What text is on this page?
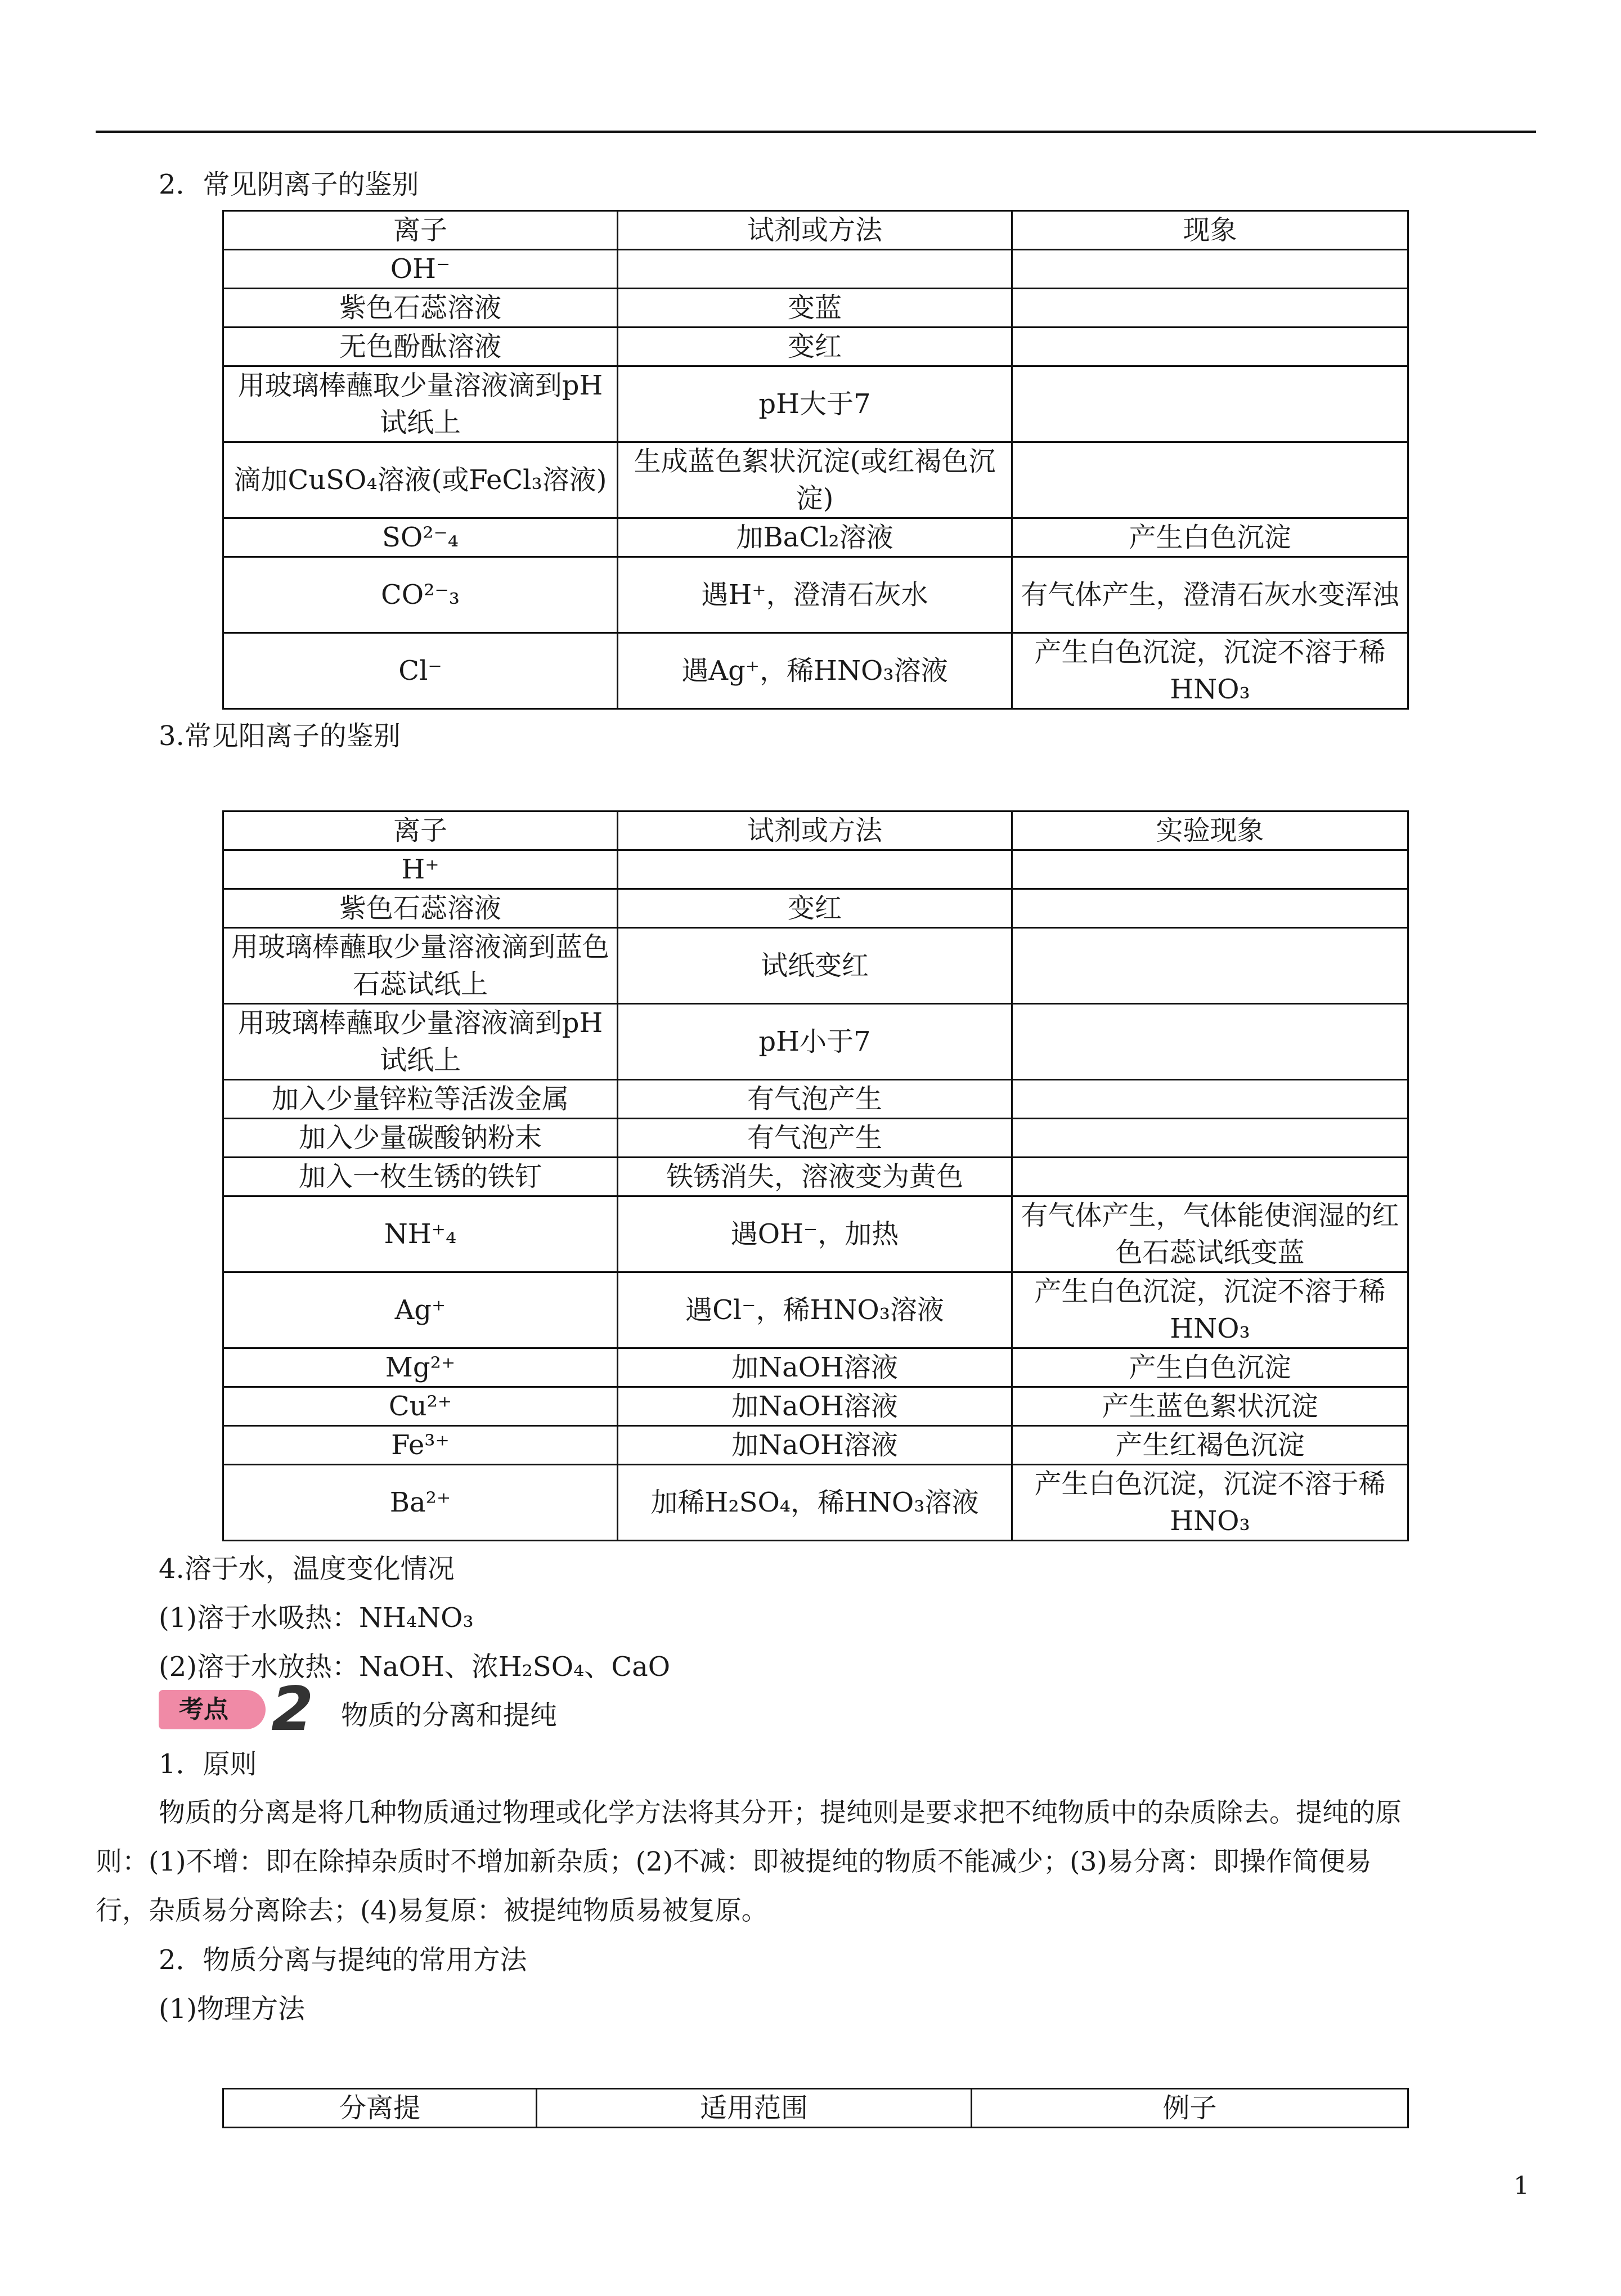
2．常见阴离子的鉴别
离子	试剂或方法	现象
OH⁻		
紫色石蕊溶液	变蓝	
无色酚酞溶液	变红	
用玻璃棒蘸取少量溶液滴到pH试纸上	pH大于7	
滴加CuSO₄溶液(或FeCl₃溶液)	生成蓝色絮状沉淀(或红褐色沉淀)	
SO²⁻₄	加BaCl₂溶液	产生白色沉淀
CO²⁻₃	遇H⁺，澄清石灰水	有气体产生，澄清石灰水变浑浊
Cl⁻	遇Ag⁺，稀HNO₃溶液	产生白色沉淀，沉淀不溶于稀HNO₃
3.常见阳离子的鉴别
离子	试剂或方法	实验现象
H⁺		
紫色石蕊溶液	变红	
用玻璃棒蘸取少量溶液滴到蓝色石蕊试纸上	试纸变红	
用玻璃棒蘸取少量溶液滴到pH试纸上	pH小于7	
加入少量锌粒等活泼金属	有气泡产生	
加入少量碳酸钠粉末	有气泡产生	
加入一枚生锈的铁钉	铁锈消失，溶液变为黄色	
NH⁺₄	遇OH⁻，加热	有气体产生，气体能使润湿的红色石蕊试纸变蓝
Ag⁺	遇Cl⁻，稀HNO₃溶液	产生白色沉淀，沉淀不溶于稀HNO₃
Mg²⁺	加NaOH溶液	产生白色沉淀
Cu²⁺	加NaOH溶液	产生蓝色絮状沉淀
Fe³⁺	加NaOH溶液	产生红褐色沉淀
Ba²⁺	加稀H₂SO₄，稀HNO₃溶液	产生白色沉淀，沉淀不溶于稀HNO₃
4.溶于水，温度变化情况
(1)溶于水吸热：NH₄NO₃
(2)溶于水放热：NaOH、浓H₂SO₄、CaO
考点 2 物质的分离和提纯
1．原则
物质的分离是将几种物质通过物理或化学方法将其分开；提纯则是要求把不纯物质中的杂质除去。提纯的原
则：(1)不增：即在除掉杂质时不增加新杂质；(2)不减：即被提纯的物质不能减少；(3)易分离：即操作简便易
行，杂质易分离除去；(4)易复原：被提纯物质易被复原。
2．物质分离与提纯的常用方法
(1)物理方法
分离提	适用范围	例子
1
